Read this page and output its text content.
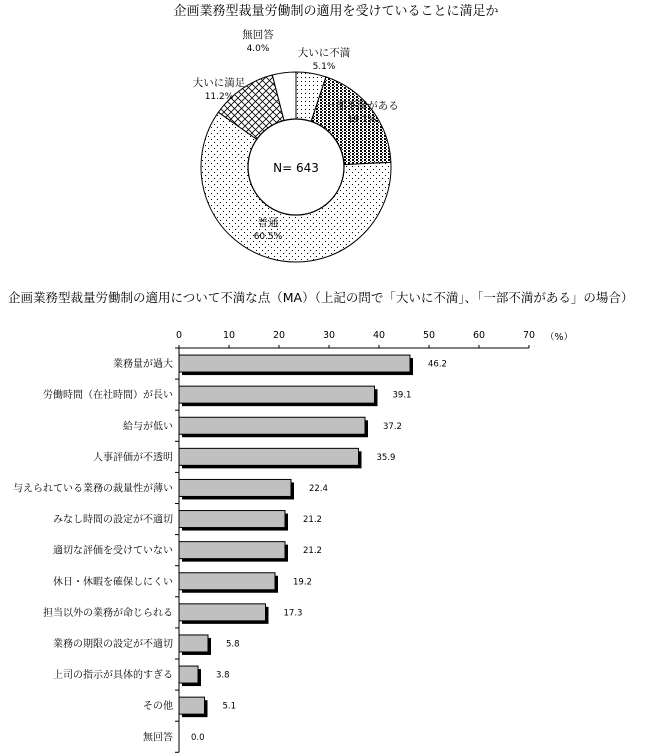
企画業務型裁量労働制の適用を受けていることに満足か
N= 643
大いに不満
5.1%
一部不満がある
19.1%
普通
60.5%
大いに満足
11.2%
無回答
4.0%
企画業務型裁量労働制の適用について不満な点（MA）（上記の問で「大いに不満」、「一部不満がある」の場合）
0	10	20	30	40	50	60	70 （%）
業務量が過大	46.2
労働時間（在社時間）が長い	39.1
給与が低い	37.2
人事評価が不透明	35.9
与えられている業務の裁量性が薄い	22.4
みなし時間の設定が不適切	21.2
適切な評価を受けていない	21.2
休日・休暇を確保しにくい	19.2
担当以外の業務が命じられる	17.3
業務の期限の設定が不適切	5.8
上司の指示が具体的すぎる	3.8
その他	5.1
無回答 0.0
